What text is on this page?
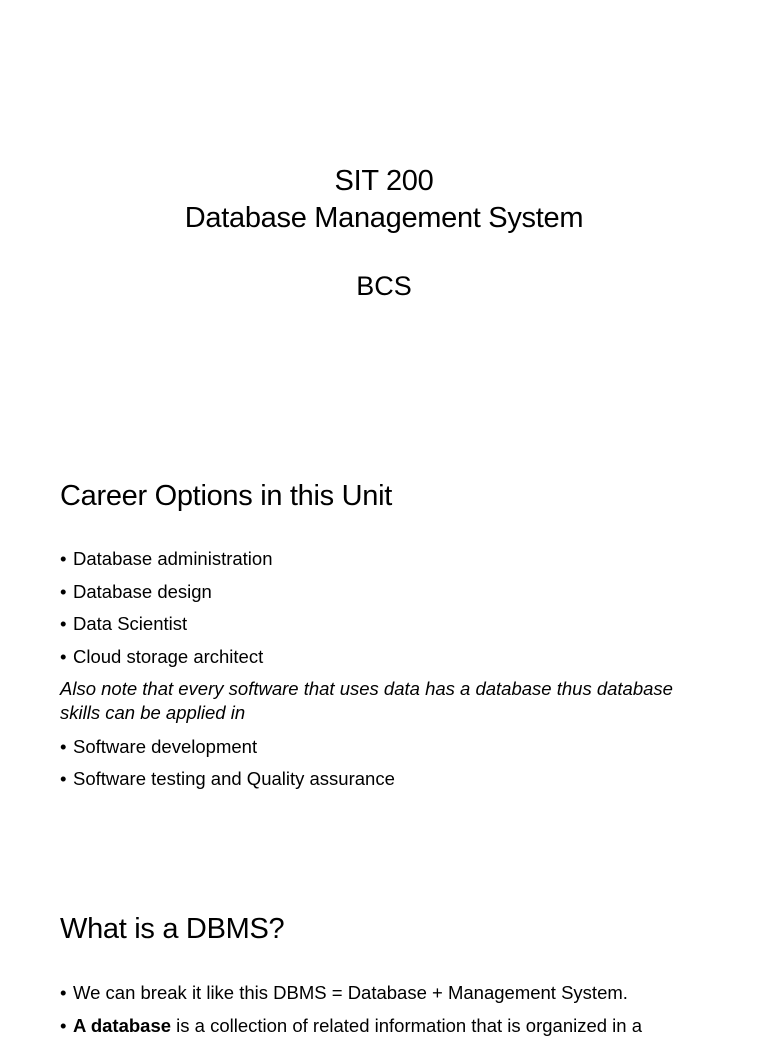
SIT 200
Database Management System
BCS
Career Options in this Unit
• Database administration
• Database design
• Data Scientist
• Cloud storage architect
Also note that every software that uses data has a database thus database skills can be applied in
• Software development
• Software testing and Quality assurance
What is a DBMS?
• We can break it like this DBMS = Database + Management System.
• A database is a collection of related information that is organized in a
